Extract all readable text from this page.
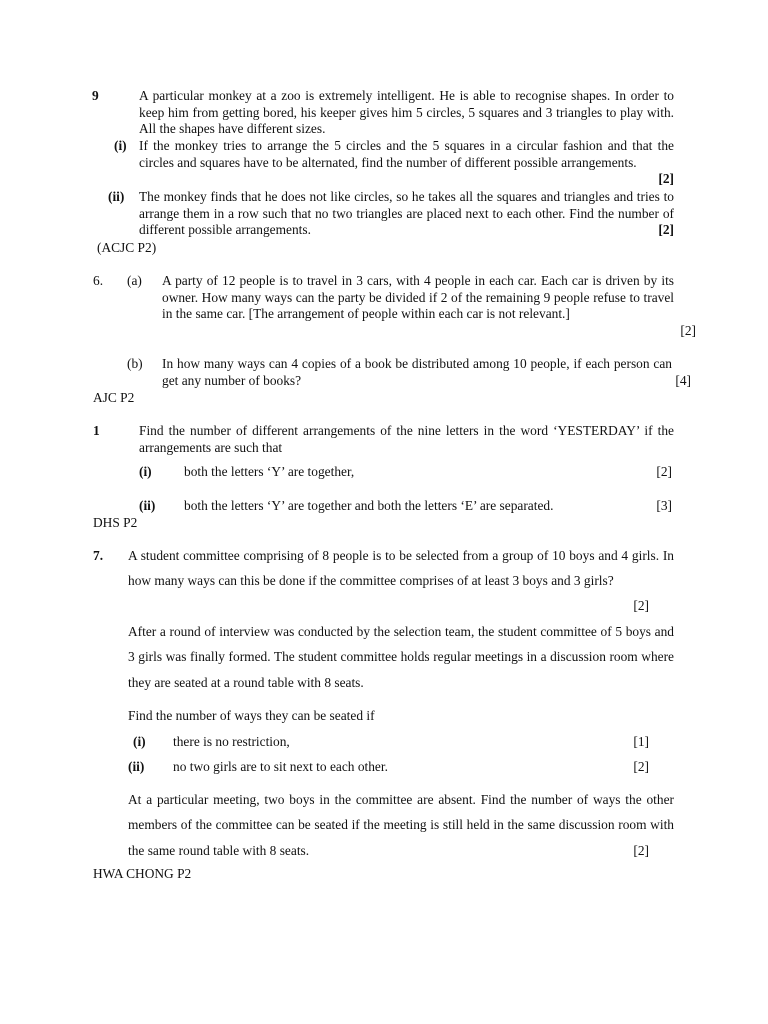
9	A particular monkey at a zoo is extremely intelligent. He is able to recognise shapes. In order to keep him from getting bored, his keeper gives him 5 circles, 5 squares and 3 triangles to play with. All the shapes have different sizes.
(i) If the monkey tries to arrange the 5 circles and the 5 squares in a circular fashion and that the circles and squares have to be alternated, find the number of different possible arrangements.
[2]
(ii) The monkey finds that he does not like circles, so he takes all the squares and triangles and tries to arrange them in a row such that no two triangles are placed next to each other. Find the number of different possible arrangements.	[2]
(ACJC P2)
6. (a) A party of 12 people is to travel in 3 cars, with 4 people in each car. Each car is driven by its owner. How many ways can the party be divided if 2 of the remaining 9 people refuse to travel in the same car. [The arrangement of people within each car is not relevant.]
[2]
(b) In how many ways can 4 copies of a book be distributed among 10 people, if each person can get any number of books?	[4]
AJC P2
1	Find the number of different arrangements of the nine letters in the word ‘YESTERDAY’ if the arrangements are such that
(i) both the letters ‘Y’ are together,	[2]
(ii) both the letters ‘Y’ are together and both the letters ‘E’ are separated.	[3]
DHS P2
7. A student committee comprising of 8 people is to be selected from a group of 10 boys and 4 girls. In how many ways can this be done if the committee comprises of at least 3 boys and 3 girls?
[2]
After a round of interview was conducted by the selection team, the student committee of 5 boys and 3 girls was finally formed. The student committee holds regular meetings in a discussion room where they are seated at a round table with 8 seats.
Find the number of ways they can be seated if
(i) there is no restriction,	[1]
(ii) no two girls are to sit next to each other.	[2]
At a particular meeting, two boys in the committee are absent. Find the number of ways the other members of the committee can be seated if the meeting is still held in the same discussion room with the same round table with 8 seats.	[2]
HWA CHONG P2
